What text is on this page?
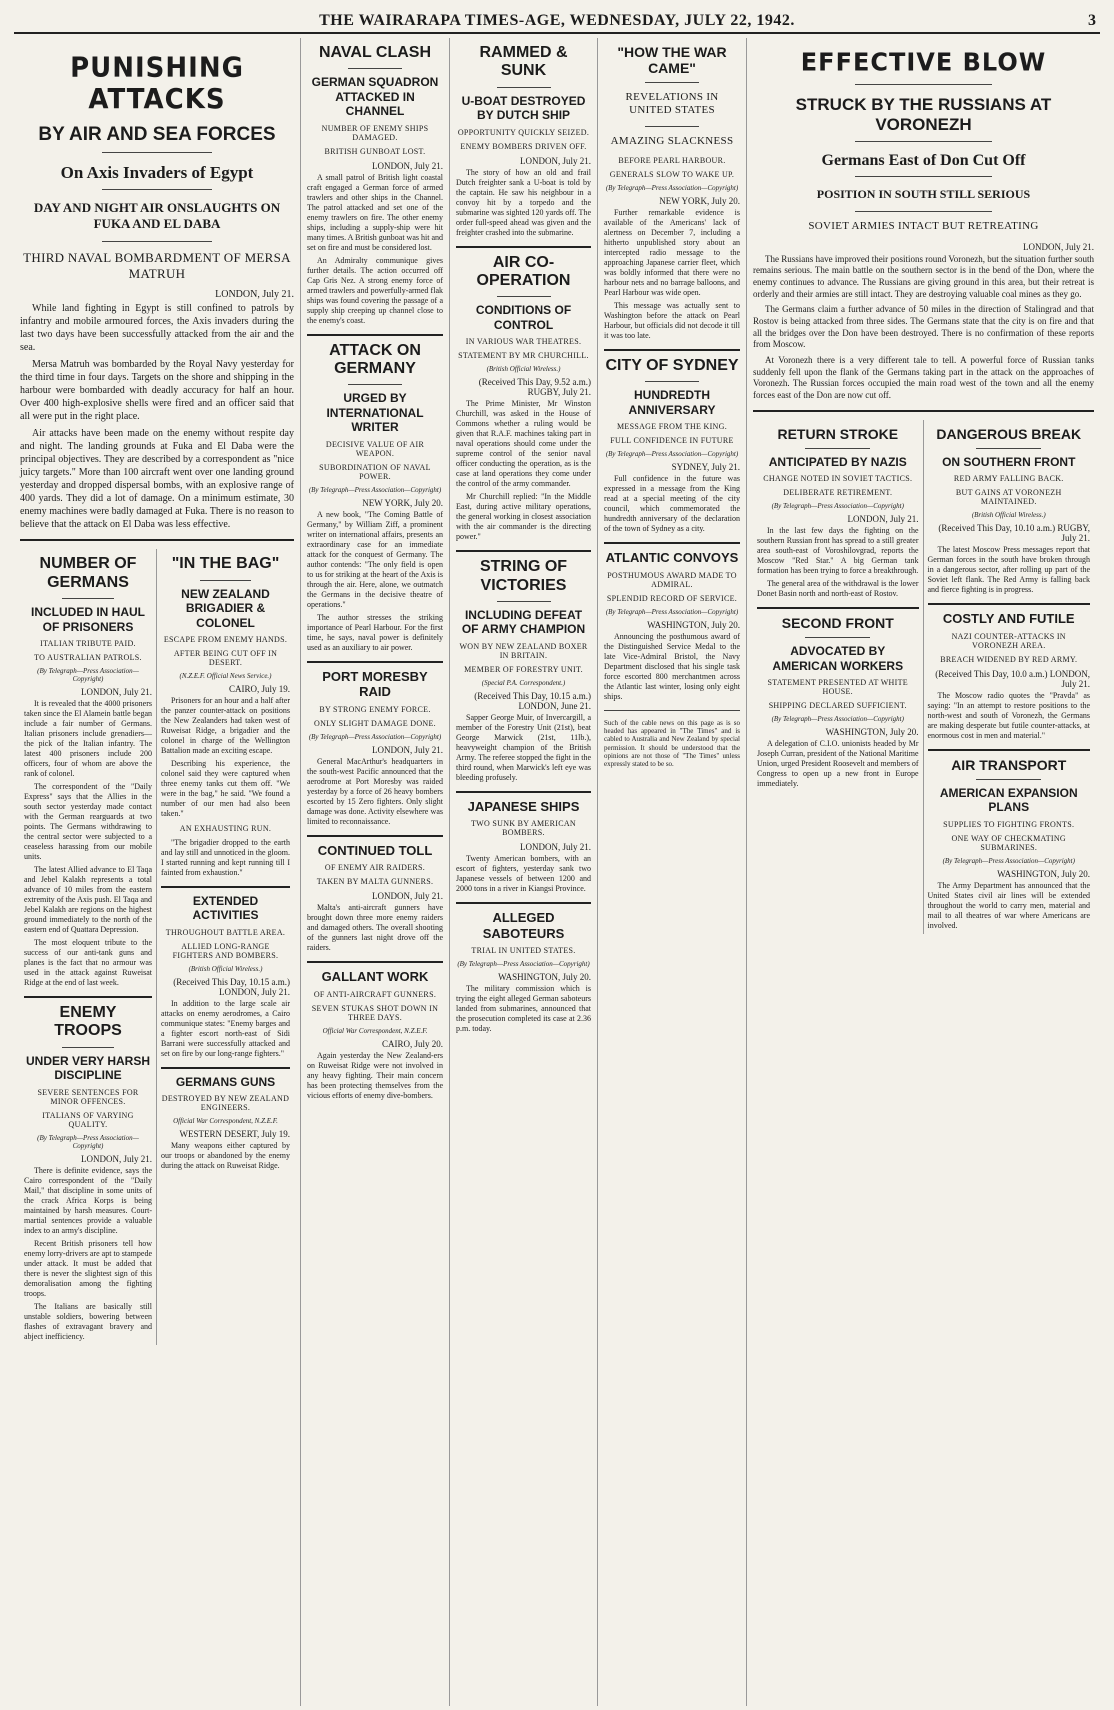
THE WAIRARAPA TIMES-AGE, WEDNESDAY, JULY 22, 1942.	3
PUNISHING ATTACKS
BY AIR AND SEA FORCES
On Axis Invaders of Egypt
DAY AND NIGHT AIR ONSLAUGHTS ON FUKA AND EL DABA
THIRD NAVAL BOMBARDMENT OF MERSA MATRUH
LONDON, July 21.

While land fighting in Egypt is still confined to patrols by infantry and mobile armoured forces, the Axis invaders during the last two days have been successfully attacked from the air and the sea.

Mersa Matruh was bombarded by the Royal Navy yesterday for the third time in four days. Targets on the shore and shipping in the harbour were bombarded with deadly accuracy for half an hour. Over 400 high-explosive shells were fired and an officer said that all were put in the right place.

Air attacks have been made on the enemy without respite day and night. The landing grounds at Fuka and El Daba were the principal objectives. They are described by a correspondent as "nice juicy targets." More than 100 aircraft went over one landing ground yesterday and dropped dispersal bombs, with an explosive range of 400 yards. They did a lot of damage. On a minimum estimate, 30 enemy machines were badly damaged at Fuka. There is no reason to believe that the attack on El Daba was less effective.

NUMBER OF GERMANS
INCLUDED IN HAUL OF PRISONERS
ITALIAN TRIBUTE PAID.
TO AUSTRALIAN PATROLS.
(By Telegraph—Press Association—Copyright)
LONDON, July 21.

It is revealed that the 4000 prisoners taken since the El Alamein battle began include a fair number of Germans. Italian prisoners include grenadiers—the pick of the Italian infantry. The latest 400 prisoners include 200 officers, four of whom are above the rank of colonel.

The correspondent of the "Daily Express" says that the Allies in the south sector yesterday made contact with the German rearguards at two points. The Germans withdrawing to the central sector were subjected to a ceaseless harassing from our mobile units.

The latest Allied advance to El Taqa and Jebel Kalakh represents a total advance of 10 miles from the eastern extremity of the Axis push. El Taqa and Jebel Kalakh are regions on the highest ground immediately to the north of the eastern end of Quattara Depression.

The most eloquent tribute to the success of our anti-tank guns and planes is the fact that no armour was used in the attack against Ruweisat Ridge at the end of last week.

ENEMY TROOPS
UNDER VERY HARSH DISCIPLINE
SEVERE SENTENCES FOR MINOR OFFENCES.
ITALIANS OF VARYING QUALITY.
(By Telegraph—Press Association—Copyright)
LONDON, July 21.

There is definite evidence, says the Cairo correspondent of the "Daily Mail," that discipline in some units of the crack Africa Korps is being maintained by harsh measures. Court-martial sentences provide a valuable index to an army's discipline.

Recent British prisoners tell how enemy lorry-drivers are apt to stampede under attack. It must be added that there is never the slightest sign of this demoralisation among the fighting troops.

The Italians are basically still unstable soldiers, bowering between flashes of extravagant bravery and abject inefficiency.

"IN THE BAG"
NEW ZEALAND BRIGADIER & COLONEL
ESCAPE FROM ENEMY HANDS.
AFTER BEING CUT OFF IN DESERT.
(N.Z.E.F. Official News Service.)
CAIRO, July 19.

Prisoners for an hour and a half after the panzer counter-attack on positions the New Zealanders had taken west of Ruweisat Ridge, a brigadier and the colonel in charge of the Wellington Battalion made an exciting escape.

Describing his experience, the colonel said they were captured when three enemy tanks cut them off. "We were in the bag," he said. "We found a number of our men had also been taken."

AN EXHAUSTING RUN.

"The brigadier dropped to the earth and lay still and unnoticed in the gloom. I started running and kept running till I fainted from exhaustion."

EXTENDED ACTIVITIES
THROUGHOUT BATTLE AREA.
ALLIED LONG-RANGE FIGHTERS AND BOMBERS.
(British Official Wireless.)
(Received This Day, 10.15 a.m.) LONDON, July 21.

In addition to the large scale air attacks on enemy aerodromes, a Cairo communique states: "Enemy barges and a fighter escort north-east of Sidi Barrani were successfully attacked and set on fire by our long-range fighters."

GERMANS GUNS
DESTROYED BY NEW ZEALAND ENGINEERS.
Official War Correspondent, N.Z.E.F.
WESTERN DESERT, July 19.

Many weapons either captured by our troops or abandoned by the enemy during the attack on Ruweisat Ridge.

NAVAL CLASH
GERMAN SQUADRON ATTACKED IN CHANNEL
NUMBER OF ENEMY SHIPS DAMAGED.
BRITISH GUNBOAT LOST.
LONDON, July 21.

A small patrol of British light coastal craft engaged a German force of armed trawlers and other ships in the Channel. The patrol attacked and set one of the enemy trawlers on fire. The other enemy ships, including a supply-ship were hit many times. A British gunboat was hit and set on fire and must be considered lost.

An Admiralty communique gives further details. The action occurred off Cap Gris Nez. A strong enemy force of armed trawlers and powerfully-armed flak ships was found covering the passage of a supply ship creeping up channel close to the enemy's coast.

ATTACK ON GERMANY
URGED BY INTERNATIONAL WRITER
DECISIVE VALUE OF AIR WEAPON.
SUBORDINATION OF NAVAL POWER.
(By Telegraph—Press Association—Copyright)
NEW YORK, July 20.

A new book, "The Coming Battle of Germany," by William Ziff, a prominent writer on international affairs, presents an extraordinary case for an immediate attack for the conquest of Germany. The author contends: "The only field is open to us for striking at the heart of the Axis is through the air. Here, alone, we outmatch the Germans in the decisive theatre of operations."

The author stresses the striking importance of Pearl Harbour. For the first time, he says, naval power is definitely used as an auxiliary to air power.

PORT MORESBY RAID
BY STRONG ENEMY FORCE.
ONLY SLIGHT DAMAGE DONE.
(By Telegraph—Press Association—Copyright)
LONDON, July 21.

General MacArthur's headquarters in the south-west Pacific announced that the aerodrome at Port Moresby was raided yesterday by a force of 26 heavy bombers escorted by 15 Zero fighters. Only slight damage was done. Activity elsewhere was limited to reconnaissance.

CONTINUED TOLL
OF ENEMY AIR RAIDERS.
TAKEN BY MALTA GUNNERS.
LONDON, July 21.

Malta's anti-aircraft gunners have brought down three more enemy raiders and damaged others. The overall shooting of the gunners last night drove off the raiders.

GALLANT WORK
OF ANTI-AIRCRAFT GUNNERS.
SEVEN STUKAS SHOT DOWN IN THREE DAYS.
Official War Correspondent, N.Z.E.F.
CAIRO, July 20.

Again yesterday the New Zealand-ers on Ruweisat Ridge were not involved in any heavy fighting. Their main concern has been protecting themselves from the vicious efforts of enemy dive-bombers.

RAMMED & SUNK
U-BOAT DESTROYED BY DUTCH SHIP
OPPORTUNITY QUICKLY SEIZED.
ENEMY BOMBERS DRIVEN OFF.
LONDON, July 21.

The story of how an old and frail Dutch freighter sank a U-boat is told by the captain. He saw his neighbour in a convoy hit by a torpedo and the submarine was sighted 120 yards off. The order full-speed ahead was given and the freighter crashed into the submarine.

AIR CO-OPERATION
CONDITIONS OF CONTROL
IN VARIOUS WAR THEATRES.
STATEMENT BY MR CHURCHILL.
(British Official Wireless.)
(Received This Day, 9.52 a.m.) RUGBY, July 21.

The Prime Minister, Mr Winston Churchill, was asked in the House of Commons whether a ruling would be given that R.A.F. machines taking part in naval operations should come under the supreme control of the senior naval officer conducting the operation, as is the case at land operations they come under the control of the army commander.

Mr Churchill replied: "In the Middle East, during active military operations, the general working in closest association with the air commander is the directing power."

STRING OF VICTORIES
INCLUDING DEFEAT OF ARMY CHAMPION
WON BY NEW ZEALAND BOXER IN BRITAIN.
MEMBER OF FORESTRY UNIT.
(Special P.A. Correspondent.)
(Received This Day, 10.15 a.m.) LONDON, June 21.

Sapper George Muir, of Invercargill, a member of the Forestry Unit (21st), beat George Marwick (21st, 11lb.), heavyweight champion of the British Army. The referee stopped the fight in the third round, when Marwick's left eye was bleeding profusely.

JAPANESE SHIPS
TWO SUNK BY AMERICAN BOMBERS.
LONDON, July 21.

Twenty American bombers, with an escort of fighters, yesterday sank two Japanese vessels of between 1200 and 2000 tons in a river in Kiangsi Province.

ALLEGED SABOTEURS
TRIAL IN UNITED STATES.
(By Telegraph—Press Association—Copyright)
WASHINGTON, July 20.

The military commission which is trying the eight alleged German saboteurs landed from submarines, announced that the prosecution completed its case at 2.36 p.m. today.

"HOW THE WAR CAME"
REVELATIONS IN UNITED STATES
AMAZING SLACKNESS
BEFORE PEARL HARBOUR.
GENERALS SLOW TO WAKE UP.
(By Telegraph—Press Association—Copyright)
NEW YORK, July 20.

Further remarkable evidence is available of the Americans' lack of alertness on December 7, including a hitherto unpublished story about an intercepted radio message to the approaching Japanese carrier fleet, which was boldly informed that there were no harbour nets and no barrage balloons, and Pearl Harbour was wide open.

This message was actually sent to Washington before the attack on Pearl Harbour, but officials did not decode it till it was too late.

CITY OF SYDNEY
HUNDREDTH ANNIVERSARY
MESSAGE FROM THE KING.
FULL CONFIDENCE IN FUTURE
(By Telegraph—Press Association—Copyright)
SYDNEY, July 21.

Full confidence in the future was expressed in a message from the King read at a special meeting of the city council, which commemorated the hundredth anniversary of the declaration of the town of Sydney as a city.

ATLANTIC CONVOYS
POSTHUMOUS AWARD MADE TO ADMIRAL.
SPLENDID RECORD OF SERVICE.
(By Telegraph—Press Association—Copyright)
WASHINGTON, July 20.

Announcing the posthumous award of the Distinguished Service Medal to the late Vice-Admiral Bristol, the Navy Department disclosed that his single task force escorted 800 merchantmen across the Atlantic last winter, losing only eight ships.

Such of the cable news on this page as is so headed has appeared in "The Times" and is cabled to Australia and New Zealand by special permission. It should be understood that the opinions are not those of "The Times" unless expressly stated to be so.
EFFECTIVE BLOW
STRUCK BY THE RUSSIANS AT VORONEZH
Germans East of Don Cut Off
POSITION IN SOUTH STILL SERIOUS
SOVIET ARMIES INTACT BUT RETREATING
LONDON, July 21.

The Russians have improved their positions round Voronezh, but the situation further south remains serious. The main battle on the southern sector is in the bend of the Don, where the enemy continues to advance. The Russians are giving ground in this area, but their retreat is orderly and their armies are still intact. They are destroying valuable coal mines as they go.

The Germans claim a further advance of 50 miles in the direction of Stalingrad and that Rostov is being attacked from three sides. The Germans state that the city is on fire and that all the bridges over the Don have been destroyed. There is no confirmation of these reports from Moscow.

At Voronezh there is a very different tale to tell. A powerful force of Russian tanks suddenly fell upon the flank of the Germans taking part in the attack on the approaches of Voronezh. The Russian forces occupied the main road west of the town and all the enemy forces east of the Don are now cut off.

RETURN STROKE
ANTICIPATED BY NAZIS
CHANGE NOTED IN SOVIET TACTICS.
DELIBERATE RETIREMENT.
(By Telegraph—Press Association—Copyright)
LONDON, July 21.

In the last few days the fighting on the southern Russian front has spread to a still greater area south-east of Voroshilovgrad, reports the Moscow "Red Star." A big German tank formation has been trying to force a breakthrough.

The general area of the withdrawal is the lower Donet Basin north and north-east of Rostov.

SECOND FRONT
ADVOCATED BY AMERICAN WORKERS
STATEMENT PRESENTED AT WHITE HOUSE.
SHIPPING DECLARED SUFFICIENT.
(By Telegraph—Press Association—Copyright)
WASHINGTON, July 20.

A delegation of C.I.O. unionists headed by Mr Joseph Curran, president of the National Maritime Union, urged President Roosevelt and members of Congress to open up a new front in Europe immediately.

DANGEROUS BREAK
ON SOUTHERN FRONT
RED ARMY FALLING BACK.
BUT GAINS AT VORONEZH MAINTAINED.
(British Official Wireless.)
(Received This Day, 10.10 a.m.) RUGBY, July 21.

The latest Moscow Press messages report that German forces in the south have broken through in a dangerous sector, after rolling up part of the Soviet left flank. The Red Army is falling back and fierce fighting is in progress.

COSTLY AND FUTILE
NAZI COUNTER-ATTACKS IN VORONEZH AREA.
BREACH WIDENED BY RED ARMY.
(Received This Day, 10.0 a.m.) LONDON, July 21.

The Moscow radio quotes the "Pravda" as saying: "In an attempt to restore positions to the north-west and south of Voronezh, the Germans are making desperate but futile counter-attacks, at enormous cost in men and material."

AIR TRANSPORT
AMERICAN EXPANSION PLANS
SUPPLIES TO FIGHTING FRONTS.
ONE WAY OF CHECKMATING SUBMARINES.
(By Telegraph—Press Association—Copyright)
WASHINGTON, July 20.

The Army Department has announced that the United States civil air lines will be extended throughout the world to carry men, material and mail to all theatres of war where Americans are involved.
